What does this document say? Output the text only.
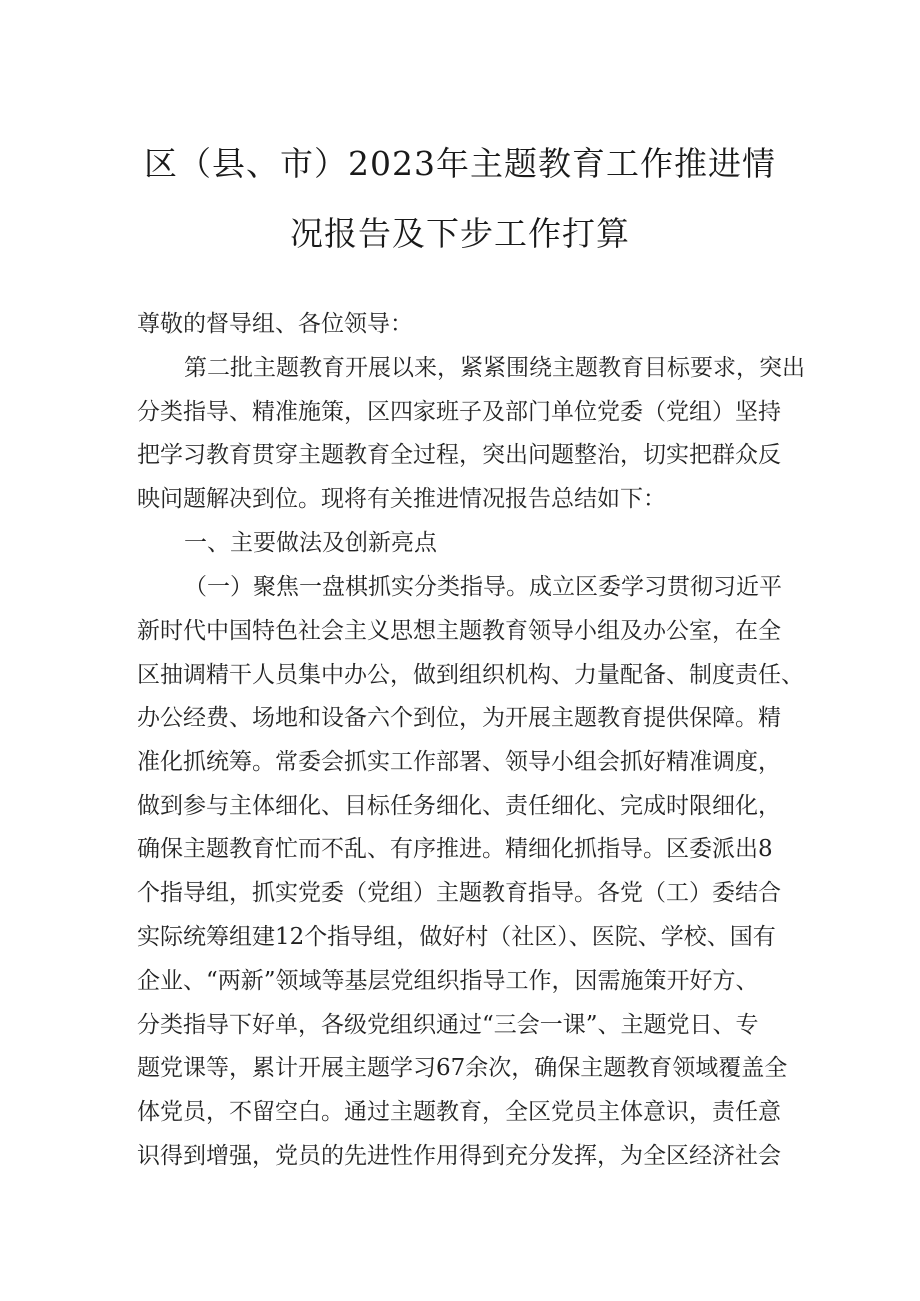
区（县、市）2023年主题教育工作推进情
况报告及下步工作打算
尊敬的督导组、各位领导：
第二批主题教育开展以来，紧紧围绕主题教育目标要求，突出
分类指导、精准施策，区四家班子及部门单位党委（党组）坚持
把学习教育贯穿主题教育全过程，突出问题整治，切实把群众反
映问题解决到位。现将有关推进情况报告总结如下：
一、主要做法及创新亮点
（一）聚焦一盘棋抓实分类指导。成立区委学习贯彻习近平
新时代中国特色社会主义思想主题教育领导小组及办公室，在全
区抽调精干人员集中办公，做到组织机构、力量配备、制度责任、
办公经费、场地和设备六个到位，为开展主题教育提供保障。精
准化抓统筹。常委会抓实工作部署、领导小组会抓好精准调度，
做到参与主体细化、目标任务细化、责任细化、完成时限细化，
确保主题教育忙而不乱、有序推进。精细化抓指导。区委派出8
个指导组，抓实党委（党组）主题教育指导。各党（工）委结合
实际统筹组建12个指导组，做好村（社区）、医院、学校、国有
企业、“两新”领域等基层党组织指导工作，因需施策开好方、
分类指导下好单，各级党组织通过“三会一课”、主题党日、专
题党课等，累计开展主题学习67余次，确保主题教育领域覆盖全
体党员，不留空白。通过主题教育，全区党员主体意识，责任意
识得到增强，党员的先进性作用得到充分发挥，为全区经济社会
